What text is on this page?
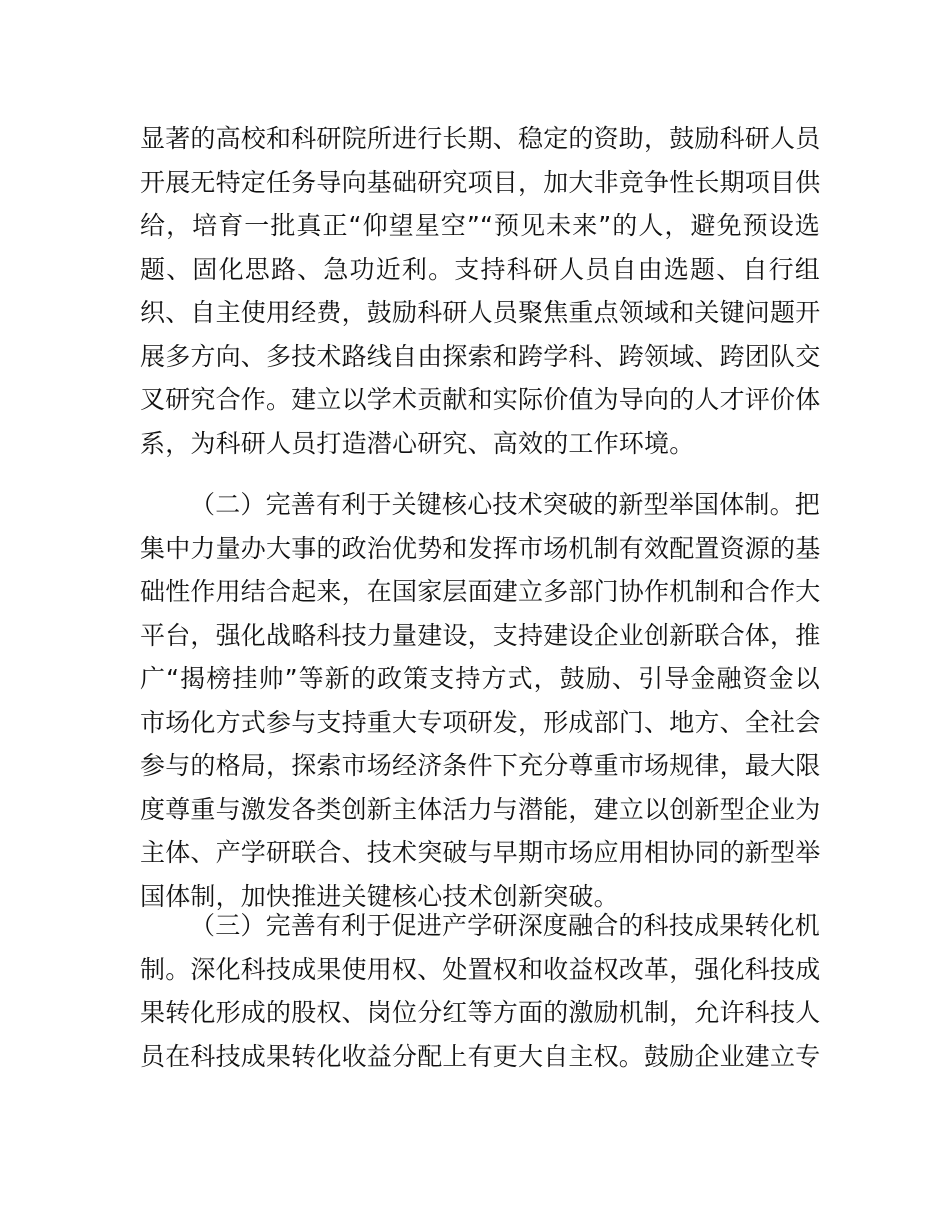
显著的高校和科研院所进行长期、稳定的资助，鼓励科研人员
开展无特定任务导向基础研究项目，加大非竞争性长期项目供
给，培育一批真正“仰望星空”“预见未来”的人，避免预设选
题、固化思路、急功近利。支持科研人员自由选题、自行组
织、自主使用经费，鼓励科研人员聚焦重点领域和关键问题开
展多方向、多技术路线自由探索和跨学科、跨领域、跨团队交
叉研究合作。建立以学术贡献和实际价值为导向的人才评价体
系，为科研人员打造潜心研究、高效的工作环境。
（二）完善有利于关键核心技术突破的新型举国体制。把
集中力量办大事的政治优势和发挥市场机制有效配置资源的基
础性作用结合起来，在国家层面建立多部门协作机制和合作大
平台，强化战略科技力量建设，支持建设企业创新联合体，推
广“揭榜挂帅”等新的政策支持方式，鼓励、引导金融资金以
市场化方式参与支持重大专项研发，形成部门、地方、全社会
参与的格局，探索市场经济条件下充分尊重市场规律，最大限
度尊重与激发各类创新主体活力与潜能，建立以创新型企业为
主体、产学研联合、技术突破与早期市场应用相协同的新型举
国体制，加快推进关键核心技术创新突破。
（三）完善有利于促进产学研深度融合的科技成果转化机
制。深化科技成果使用权、处置权和收益权改革，强化科技成
果转化形成的股权、岗位分红等方面的激励机制，允许科技人
员在科技成果转化收益分配上有更大自主权。鼓励企业建立专
